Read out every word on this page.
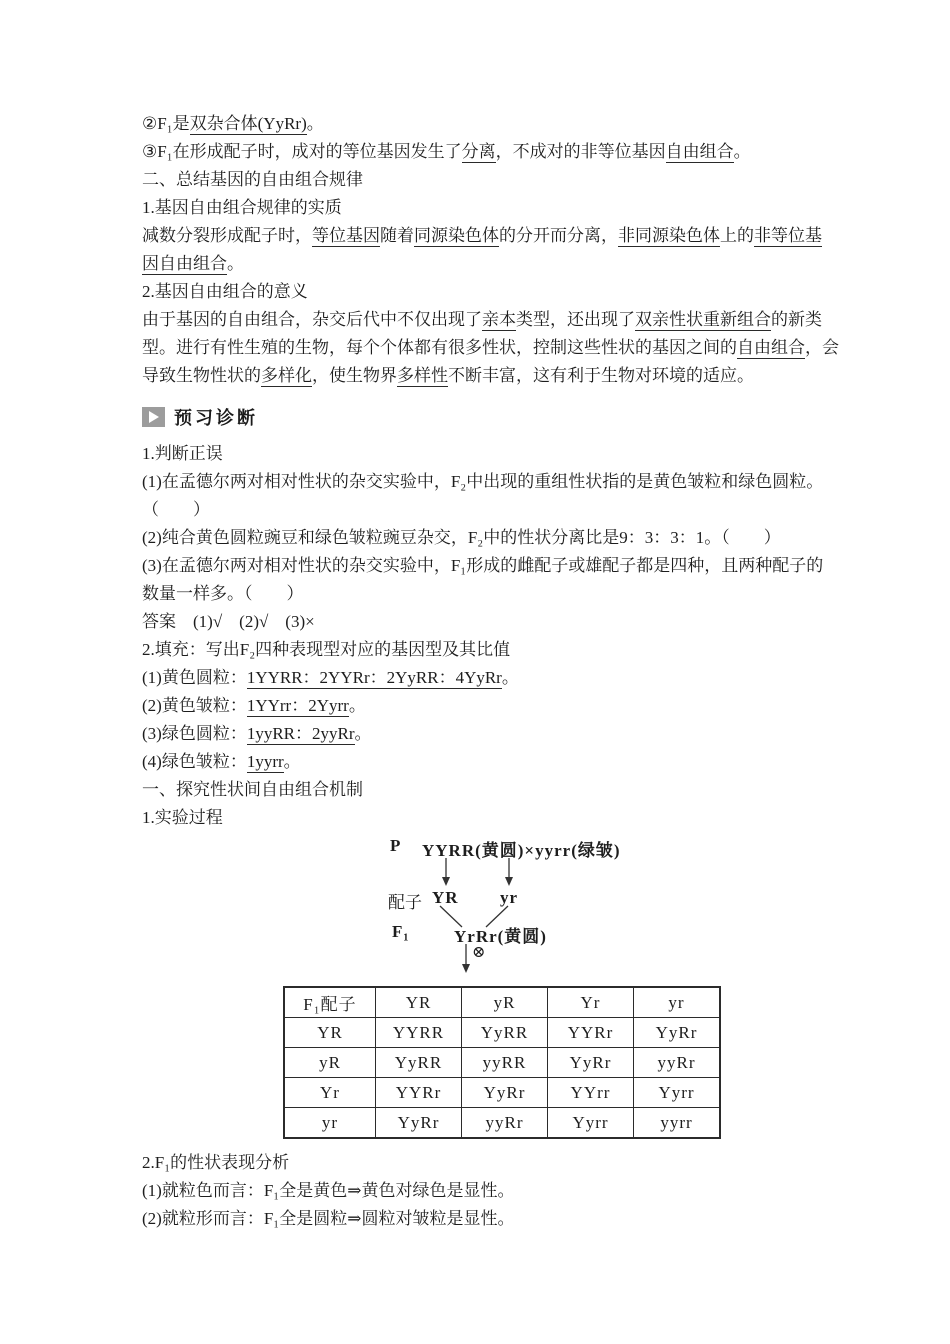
②F₁是双杂合体(YyRr)。
③F₁在形成配子时，成对的等位基因发生了分离，不成对的非等位基因自由组合。
二、总结基因的自由组合规律
1.基因自由组合规律的实质
减数分裂形成配子时，等位基因随着同源染色体的分开而分离，非同源染色体上的非等位基
因自由组合。
2.基因自由组合的意义
由于基因的自由组合，杂交后代中不仅出现了亲本类型，还出现了双亲性状重新组合的新类
型。进行有性生殖的生物，每个个体都有很多性状，控制这些性状的基因之间的自由组合，会
导致生物性状的多样化，使生物界多样性不断丰富，这有利于生物对环境的适应。
预习诊断
1.判断正误
(1)在孟德尔两对相对性状的杂交实验中，F₂中出现的重组性状指的是黄色皱粒和绿色圆粒。
（　　）
(2)纯合黄色圆粒豌豆和绿色皱粒豌豆杂交，F₂中的性状分离比是9：3：3：1。（　　）
(3)在孟德尔两对相对性状的杂交实验中，F₁形成的雌配子或雄配子都是四种，且两种配子的
数量一样多。（　　）
答案　(1)√　(2)√　(3)×
2.填充：写出F₂四种表现型对应的基因型及其比值
(1)黄色圆粒：1YYRR：2YYRr：2YyRR：4YyRr。
(2)黄色皱粒：1YYrr：2Yyrr。
(3)绿色圆粒：1yyRR：2yyRr。
(4)绿色皱粒：1yyrr。
一、探究性状间自由组合机制
1.实验过程
P YYRR(黄圆)×yyrr(绿皱)
配子 YR yr
F₁	YrRr(黄圆)
⊗
F₁配子	YR	yR	Yr	yr
YR	YYRR	YyRR	YYRr	YyRr
yR	YyRR	yyRR	YyRr	yyRr
Yr	YYRr	YyRr	YYrr	Yyrr
yr	YyRr	yyRr	Yyrr	yyrr
2.F₁的性状表现分析
(1)就粒色而言：F₁全是黄色⇒黄色对绿色是显性。
(2)就粒形而言：F₁全是圆粒⇒圆粒对皱粒是显性。
